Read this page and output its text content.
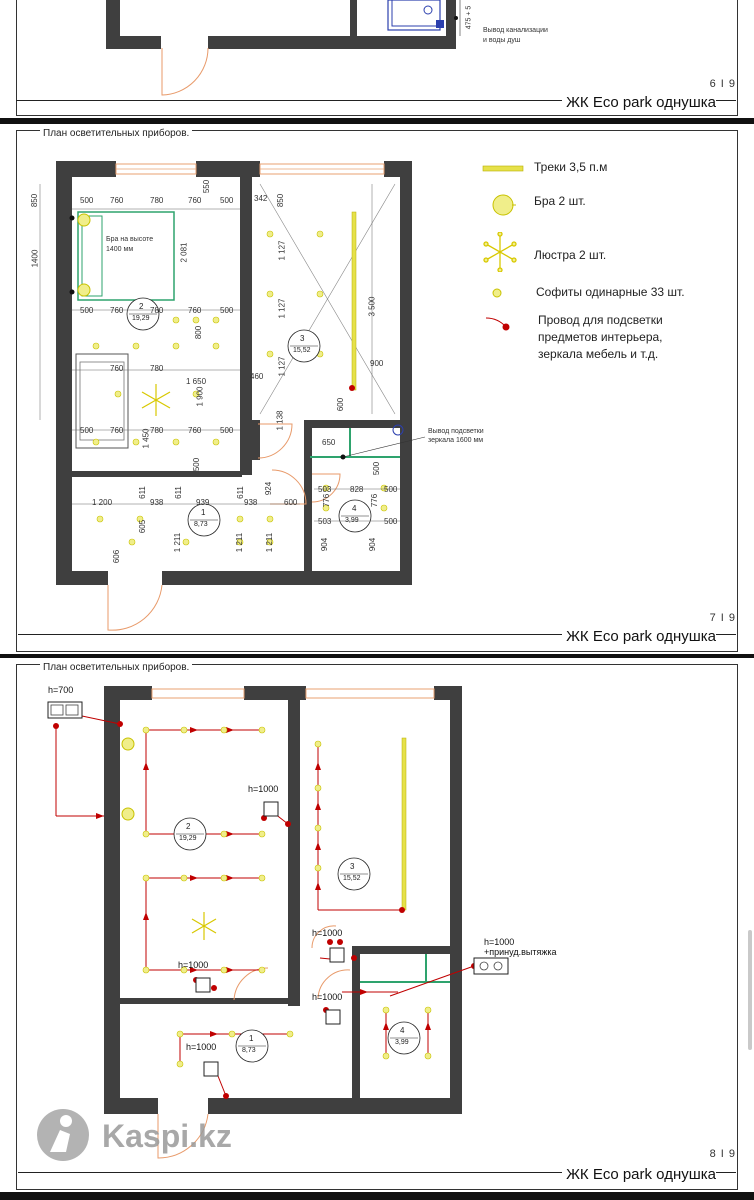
475 + 5
Вывод канализации
и воды душ
6 I 9
ЖК Eco park однушка
План осветительных приборов.
850
1400
500 760	780	760 500	342
550
850
2 081	1 127
1 127
1 127
3 500
500 760	780	760 500
760	780
1 650
800
1 900
460
900
600
1 138
500 760	780	760 500
1 450
500
924
650
500
1 200
611
938
611
939
611
938	600
503 828	500
776	776
503	500
605
606
1 211	1 211	1 211	904	904
2
19,29
3
15,52
1
8,73
4
3,99
Бра на высоте
1400 мм
Вывод подсветки
зеркала 1600 мм
Треки 3,5 п.м
Бра 2 шт.
Люстра 2 шт.
Софиты одинарные 33 шт.
Провод для подсветки
предметов интерьера,
зеркала мебель и т.д.
7 I 9
ЖК Eco park однушка
План осветительных приборов.
2
19,29
3
15,52
1
8,73
4
3,99
h=700
h=1000
h=1000
h=1000
h=1000
h=1000
h=1000
+принуд.вытяжка
8 I 9
ЖК Eco park однушка
Kaspi.kz
